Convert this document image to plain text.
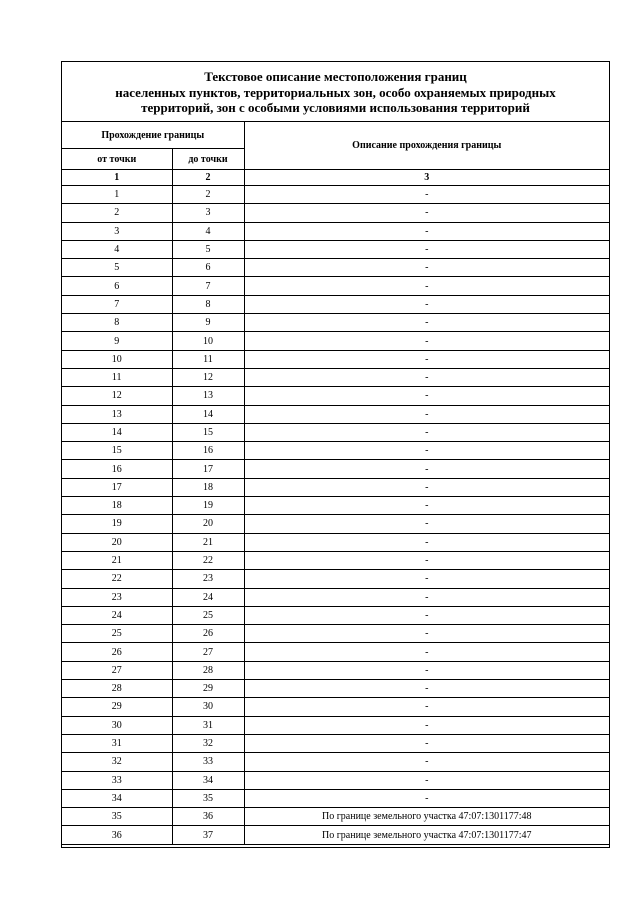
Текстовое описание местоположения границ
населенных пунктов, территориальных зон, особо охраняемых природных
территорий, зон с особыми условиями использования территорий
Прохождение границы		Описание прохождения границы
от точки	до точки	
1	2	3
1	2	-
2	3	-
3	4	-
4	5	-
5	6	-
6	7	-
7	8	-
8	9	-
9	10	-
10	11	-
11	12	-
12	13	-
13	14	-
14	15	-
15	16	-
16	17	-
17	18	-
18	19	-
19	20	-
20	21	-
21	22	-
22	23	-
23	24	-
24	25	-
25	26	-
26	27	-
27	28	-
28	29	-
29	30	-
30	31	-
31	32	-
32	33	-
33	34	-
34	35	-
35	36	По границе земельного участка 47:07:1301177:48
36	37	По границе земельного участка 47:07:1301177:47
